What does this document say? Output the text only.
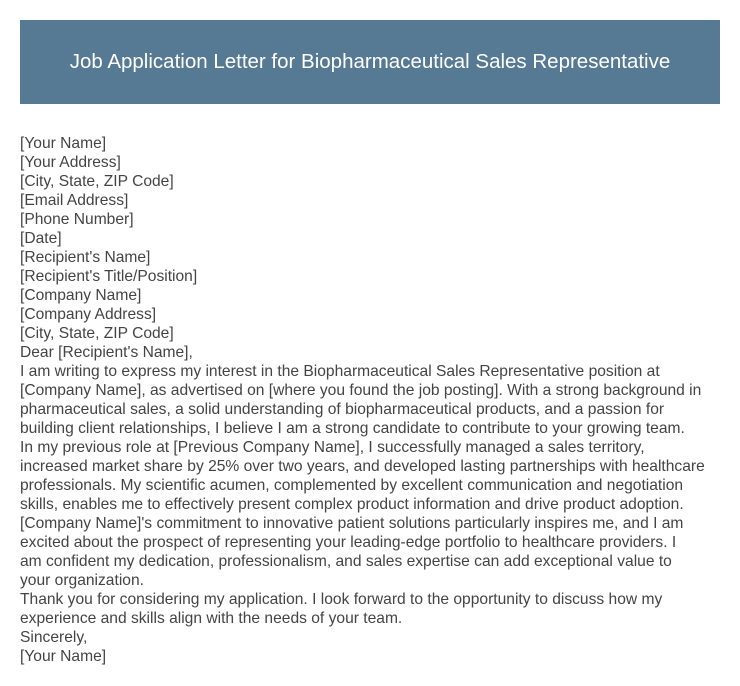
Job Application Letter for Biopharmaceutical Sales Representative
[Your Name]
[Your Address]
[City, State, ZIP Code]
[Email Address]
[Phone Number]
[Date]
[Recipient's Name]
[Recipient's Title/Position]
[Company Name]
[Company Address]
[City, State, ZIP Code]
Dear [Recipient's Name],
I am writing to express my interest in the Biopharmaceutical Sales Representative position at
[Company Name], as advertised on [where you found the job posting]. With a strong background in
pharmaceutical sales, a solid understanding of biopharmaceutical products, and a passion for
building client relationships, I believe I am a strong candidate to contribute to your growing team.
In my previous role at [Previous Company Name], I successfully managed a sales territory,
increased market share by 25% over two years, and developed lasting partnerships with healthcare
professionals. My scientific acumen, complemented by excellent communication and negotiation
skills, enables me to effectively present complex product information and drive product adoption.
[Company Name]'s commitment to innovative patient solutions particularly inspires me, and I am
excited about the prospect of representing your leading-edge portfolio to healthcare providers. I
am confident my dedication, professionalism, and sales expertise can add exceptional value to
your organization.
Thank you for considering my application. I look forward to the opportunity to discuss how my
experience and skills align with the needs of your team.
Sincerely,
[Your Name]
